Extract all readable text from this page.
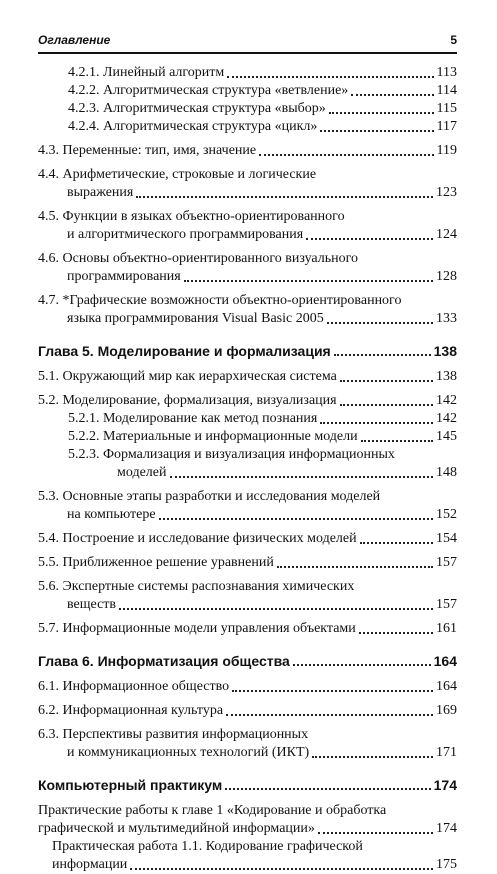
Оглавление	5
4.2.1. Линейный алгоритм	113
4.2.2. Алгоритмическая структура «ветвление»	114
4.2.3. Алгоритмическая структура «выбор»	115
4.2.4. Алгоритмическая структура «цикл»	117
4.3. Переменные: тип, имя, значение	119
4.4. Арифметические, строковые и логические
выражения	123
4.5. Функции в языках объектно-ориентированного
и алгоритмического программирования	124
4.6. Основы объектно-ориентированного визуального
программирования	128
4.7. *Графические возможности объектно-ориентированного
языка программирования Visual Basic 2005	133
Глава 5. Моделирование и формализация	138
5.1. Окружающий мир как иерархическая система	138
5.2. Моделирование, формализация, визуализация	142
5.2.1. Моделирование как метод познания	142
5.2.2. Материальные и информационные модели	145
5.2.3. Формализация и визуализация информационных
моделей	148
5.3. Основные этапы разработки и исследования моделей
на компьютере	152
5.4. Построение и исследование физических моделей	154
5.5. Приближенное решение уравнений	157
5.6. Экспертные системы распознавания химических
веществ	157
5.7. Информационные модели управления объектами	161
Глава 6. Информатизация общества	164
6.1. Информационное общество	164
6.2. Информационная культура	169
6.3. Перспективы развития информационных
и коммуникационных технологий (ИКТ)	171
Компьютерный практикум	174
Практические работы к главе 1 «Кодирование и обработка
графической и мультимедийной информации»	174
Практическая работа 1.1. Кодирование графической
информации	175
